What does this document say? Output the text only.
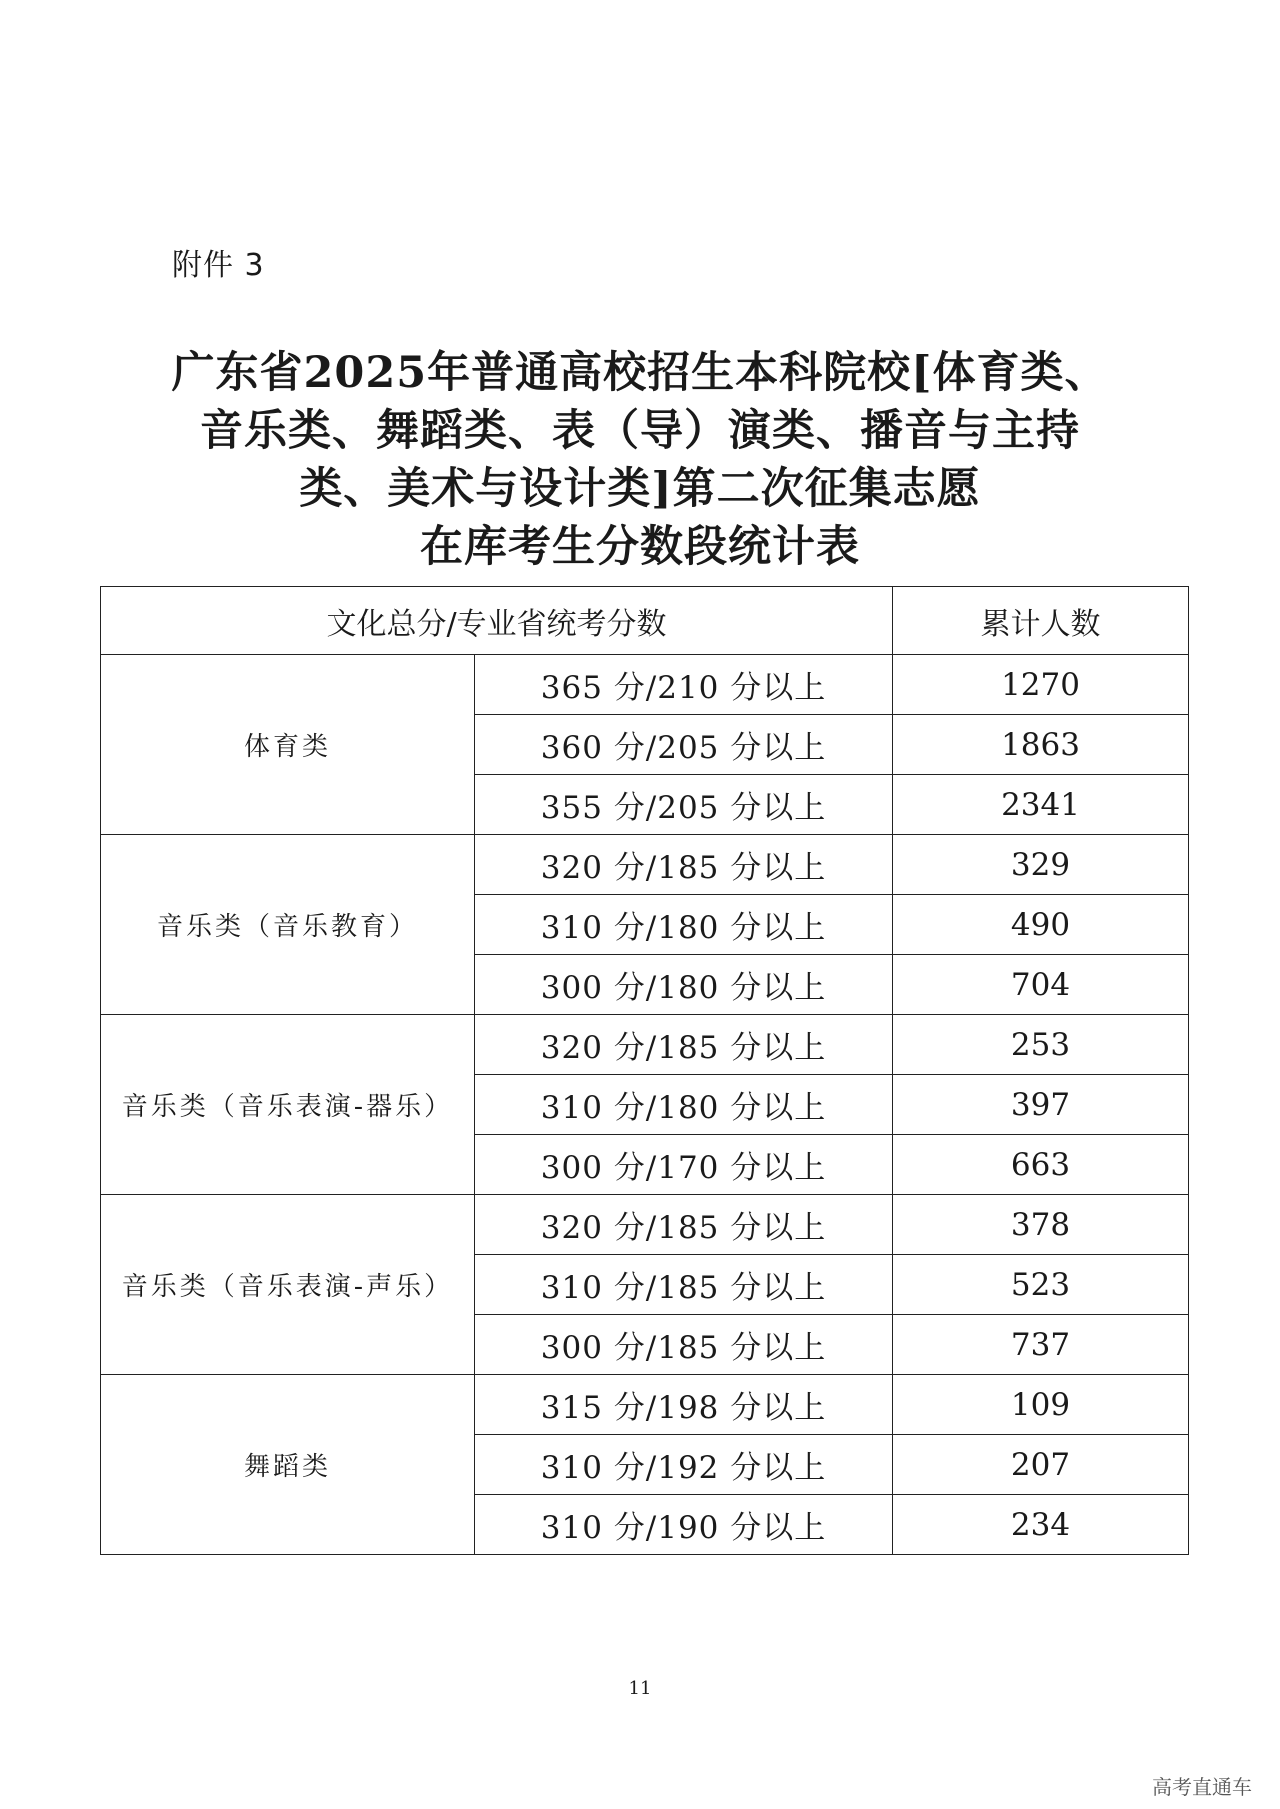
附件 3
广东省2025年普通高校招生本科院校[体育类、
音乐类、舞蹈类、表（导）演类、播音与主持
类、美术与设计类]第二次征集志愿
在库考生分数段统计表
文化总分/专业省统考分数		累计人数
体育类	365 分/210 分以上	1270
	360 分/205 分以上	1863
	355 分/205 分以上	2341
音乐类（音乐教育）	320 分/185 分以上	329
	310 分/180 分以上	490
	300 分/180 分以上	704
音乐类（音乐表演-器乐）	320 分/185 分以上	253
	310 分/180 分以上	397
	300 分/170 分以上	663
音乐类（音乐表演-声乐）	320 分/185 分以上	378
	310 分/185 分以上	523
	300 分/185 分以上	737
舞蹈类	315 分/198 分以上	109
	310 分/192 分以上	207
	310 分/190 分以上	234
11
高考直通车
